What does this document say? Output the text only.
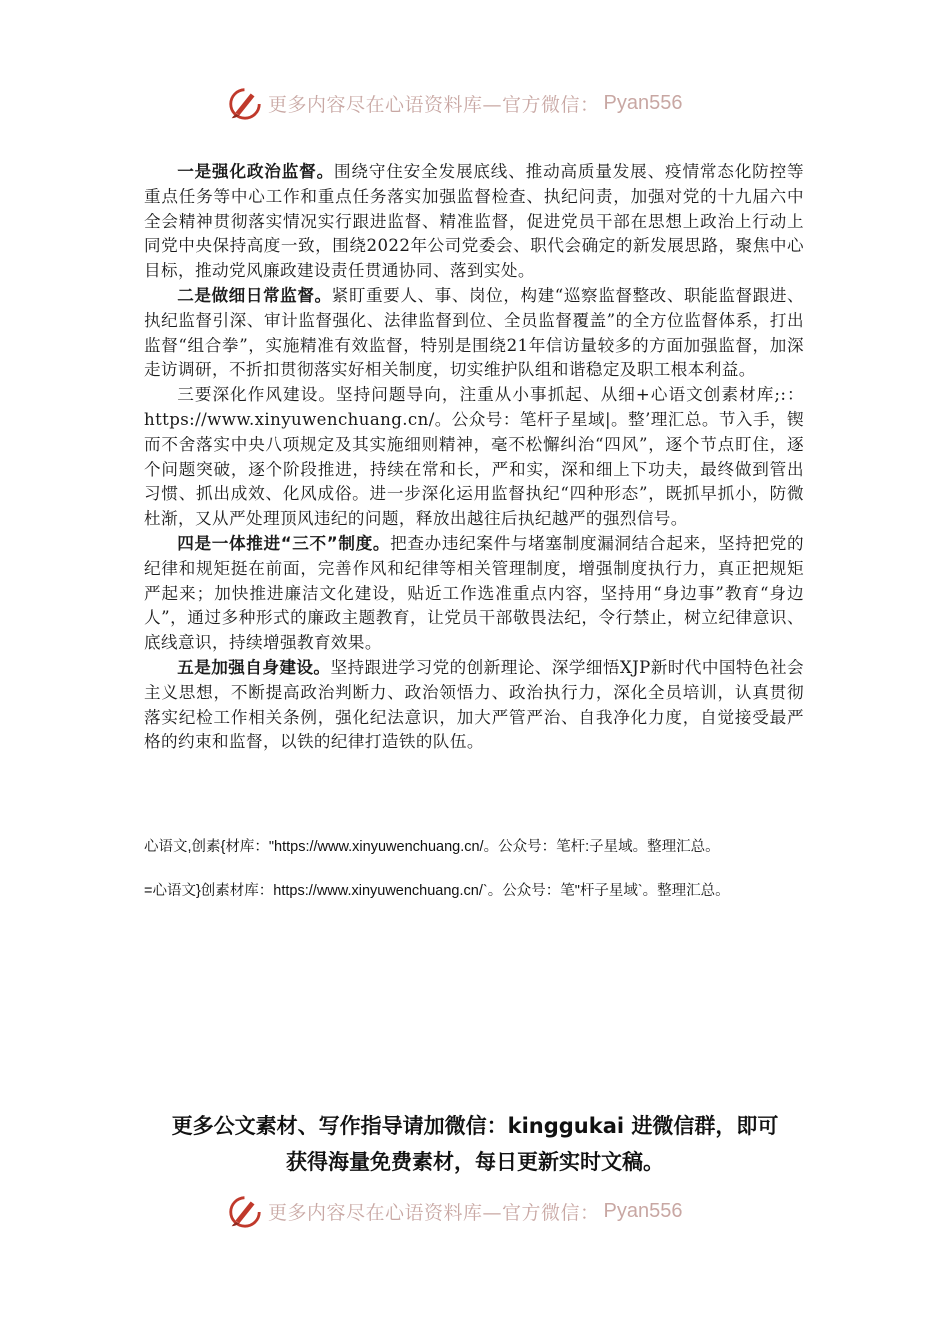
更多内容尽在心语资料库—官方微信： Pyan556

一是强化政治监督。围绕守住安全发展底线、推动高质量发展、疫情常态化防控等重点任务等中心工作和重点任务落实加强监督检查、执纪问责，加强对党的十九届六中全会精神贯彻落实情况实行跟进监督、精准监督，促进党员干部在思想上政治上行动上同党中央保持高度一致，围绕2022年公司党委会、职代会确定的新发展思路，聚焦中心目标，推动党风廉政建设责任贯通协同、落到实处。

二是做细日常监督。紧盯重要人、事、岗位，构建“巡察监督整改、职能监督跟进、执纪监督引深、审计监督强化、法律监督到位、全员监督覆盖”的全方位监督体系，打出监督“组合拳”，实施精准有效监督，特别是围绕21年信访量较多的方面加强监督，加深走访调研，不折扣贯彻落实好相关制度，切实维护队组和谐稳定及职工根本利益。

三要深化作风建设。坚持问题导向，注重从小事抓起、从细+心语文创素材库;:：https://www.xinyuwenchuang.cn/。公众号：笔杆子星域|。整’理汇总。节入手，锲而不舍落实中央八项规定及其实施细则精神，毫不松懈纠治“四风”，逐个节点盯住，逐个问题突破，逐个阶段推进，持续在常和长，严和实，深和细上下功夫，最终做到管出习惯、抓出成效、化风成俗。进一步深化运用监督执纪“四种形态”，既抓早抓小，防微杜渐，又从严处理顶风违纪的问题，释放出越往后执纪越严的强烈信号。

四是一体推进“三不”制度。把查办违纪案件与堵塞制度漏洞结合起来，坚持把党的纪律和规矩挺在前面，完善作风和纪律等相关管理制度，增强制度执行力，真正把规矩严起来；加快推进廉洁文化建设，贴近工作选准重点内容，坚持用“身边事”教育“身边人”，通过多种形式的廉政主题教育，让党员干部敬畏法纪，令行禁止，树立纪律意识、底线意识，持续增强教育效果。

五是加强自身建设。坚持跟进学习党的创新理论、深学细悟XJP新时代中国特色社会主义思想，不断提高政治判断力、政治领悟力、政治执行力，深化全员培训，认真贯彻落实纪检工作相关条例，强化纪法意识，加大严管严治、自我净化力度，自觉接受最严格的约束和监督，以铁的纪律打造铁的队伍。

心语文,创素{材库："https://www.xinyuwenchuang.cn/。公众号：笔杆:子星域。整理汇总。
=心语文}创素材库：https://www.xinyuwenchuang.cn/`。公众号：笔"杆子星域`。整理汇总。
更多公文素材、写作指导请加微信：kinggukai 进微信群，即可
获得海量免费素材，每日更新实时文稿。
更多内容尽在心语资料库—官方微信： Pyan556
